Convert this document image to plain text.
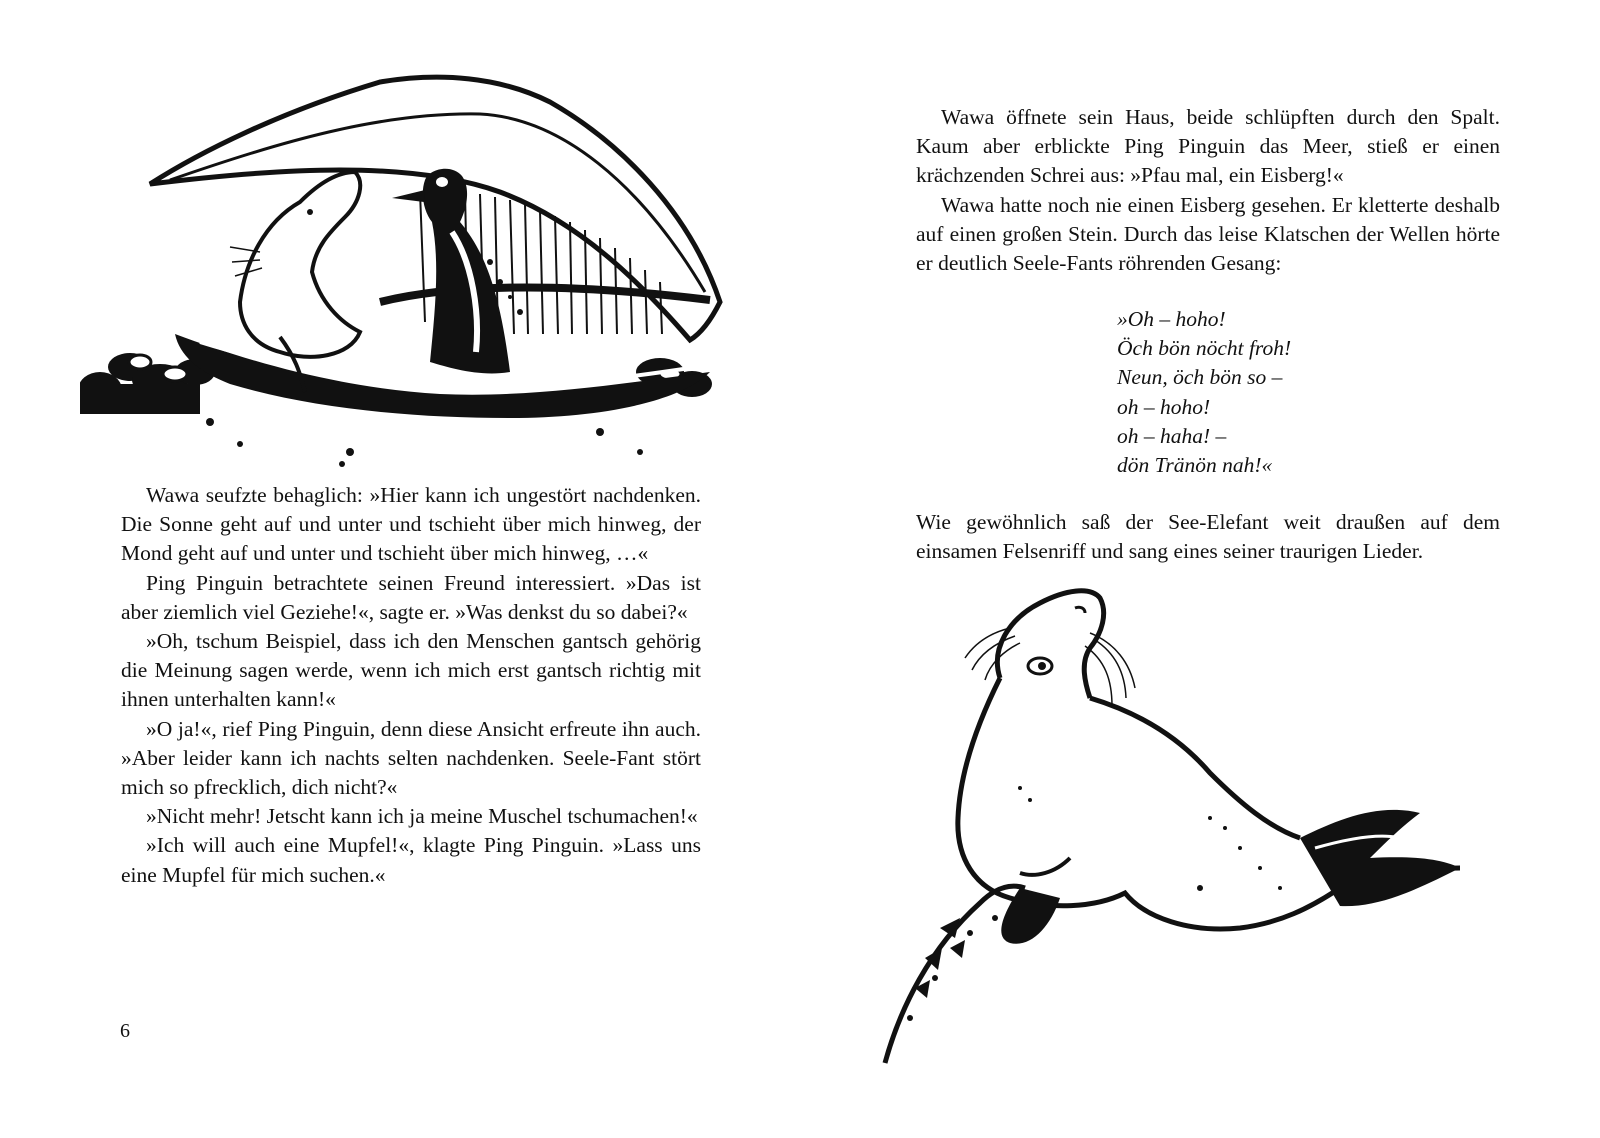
Wawa seufzte behaglich: »Hier kann ich ungestört nachdenken. Die Sonne geht auf und unter und tschieht über mich hinweg, der Mond geht auf und unter und tschieht über mich hinweg, …«

Ping Pinguin betrachtete seinen Freund interessiert. »Das ist aber ziemlich viel Geziehe!«, sagte er. »Was denkst du so dabei?«

»Oh, tschum Beispiel, dass ich den Menschen gantsch gehörig die Meinung sagen werde, wenn ich mich erst gantsch richtig mit ihnen unterhalten kann!«

»O ja!«, rief Ping Pinguin, denn diese Ansicht erfreute ihn auch. »Aber leider kann ich nachts selten nachdenken. Seele-Fant stört mich so pfrecklich, dich nicht?«

»Nicht mehr! Jetscht kann ich ja meine Muschel tschumachen!«

»Ich will auch eine Mupfel!«, klagte Ping Pinguin. »Lass uns eine Mupfel für mich suchen.«

6

Wawa öffnete sein Haus, beide schlüpften durch den Spalt. Kaum aber erblickte Ping Pinguin das Meer, stieß er einen krächzenden Schrei aus: »Pfau mal, ein Eisberg!«

Wawa hatte noch nie einen Eisberg gesehen. Er kletterte deshalb auf einen großen Stein. Durch das leise Klatschen der Wellen hörte er deutlich Seele-Fants röhrenden Gesang:

»Oh – hoho!
Öch bön nöcht froh!
Neun, öch bön so –
oh – hoho!
oh – haha! –
dön Tränön nah!«

Wie gewöhnlich saß der See-Elefant weit draußen auf dem einsamen Felsenriff und sang eines seiner traurigen Lieder.
